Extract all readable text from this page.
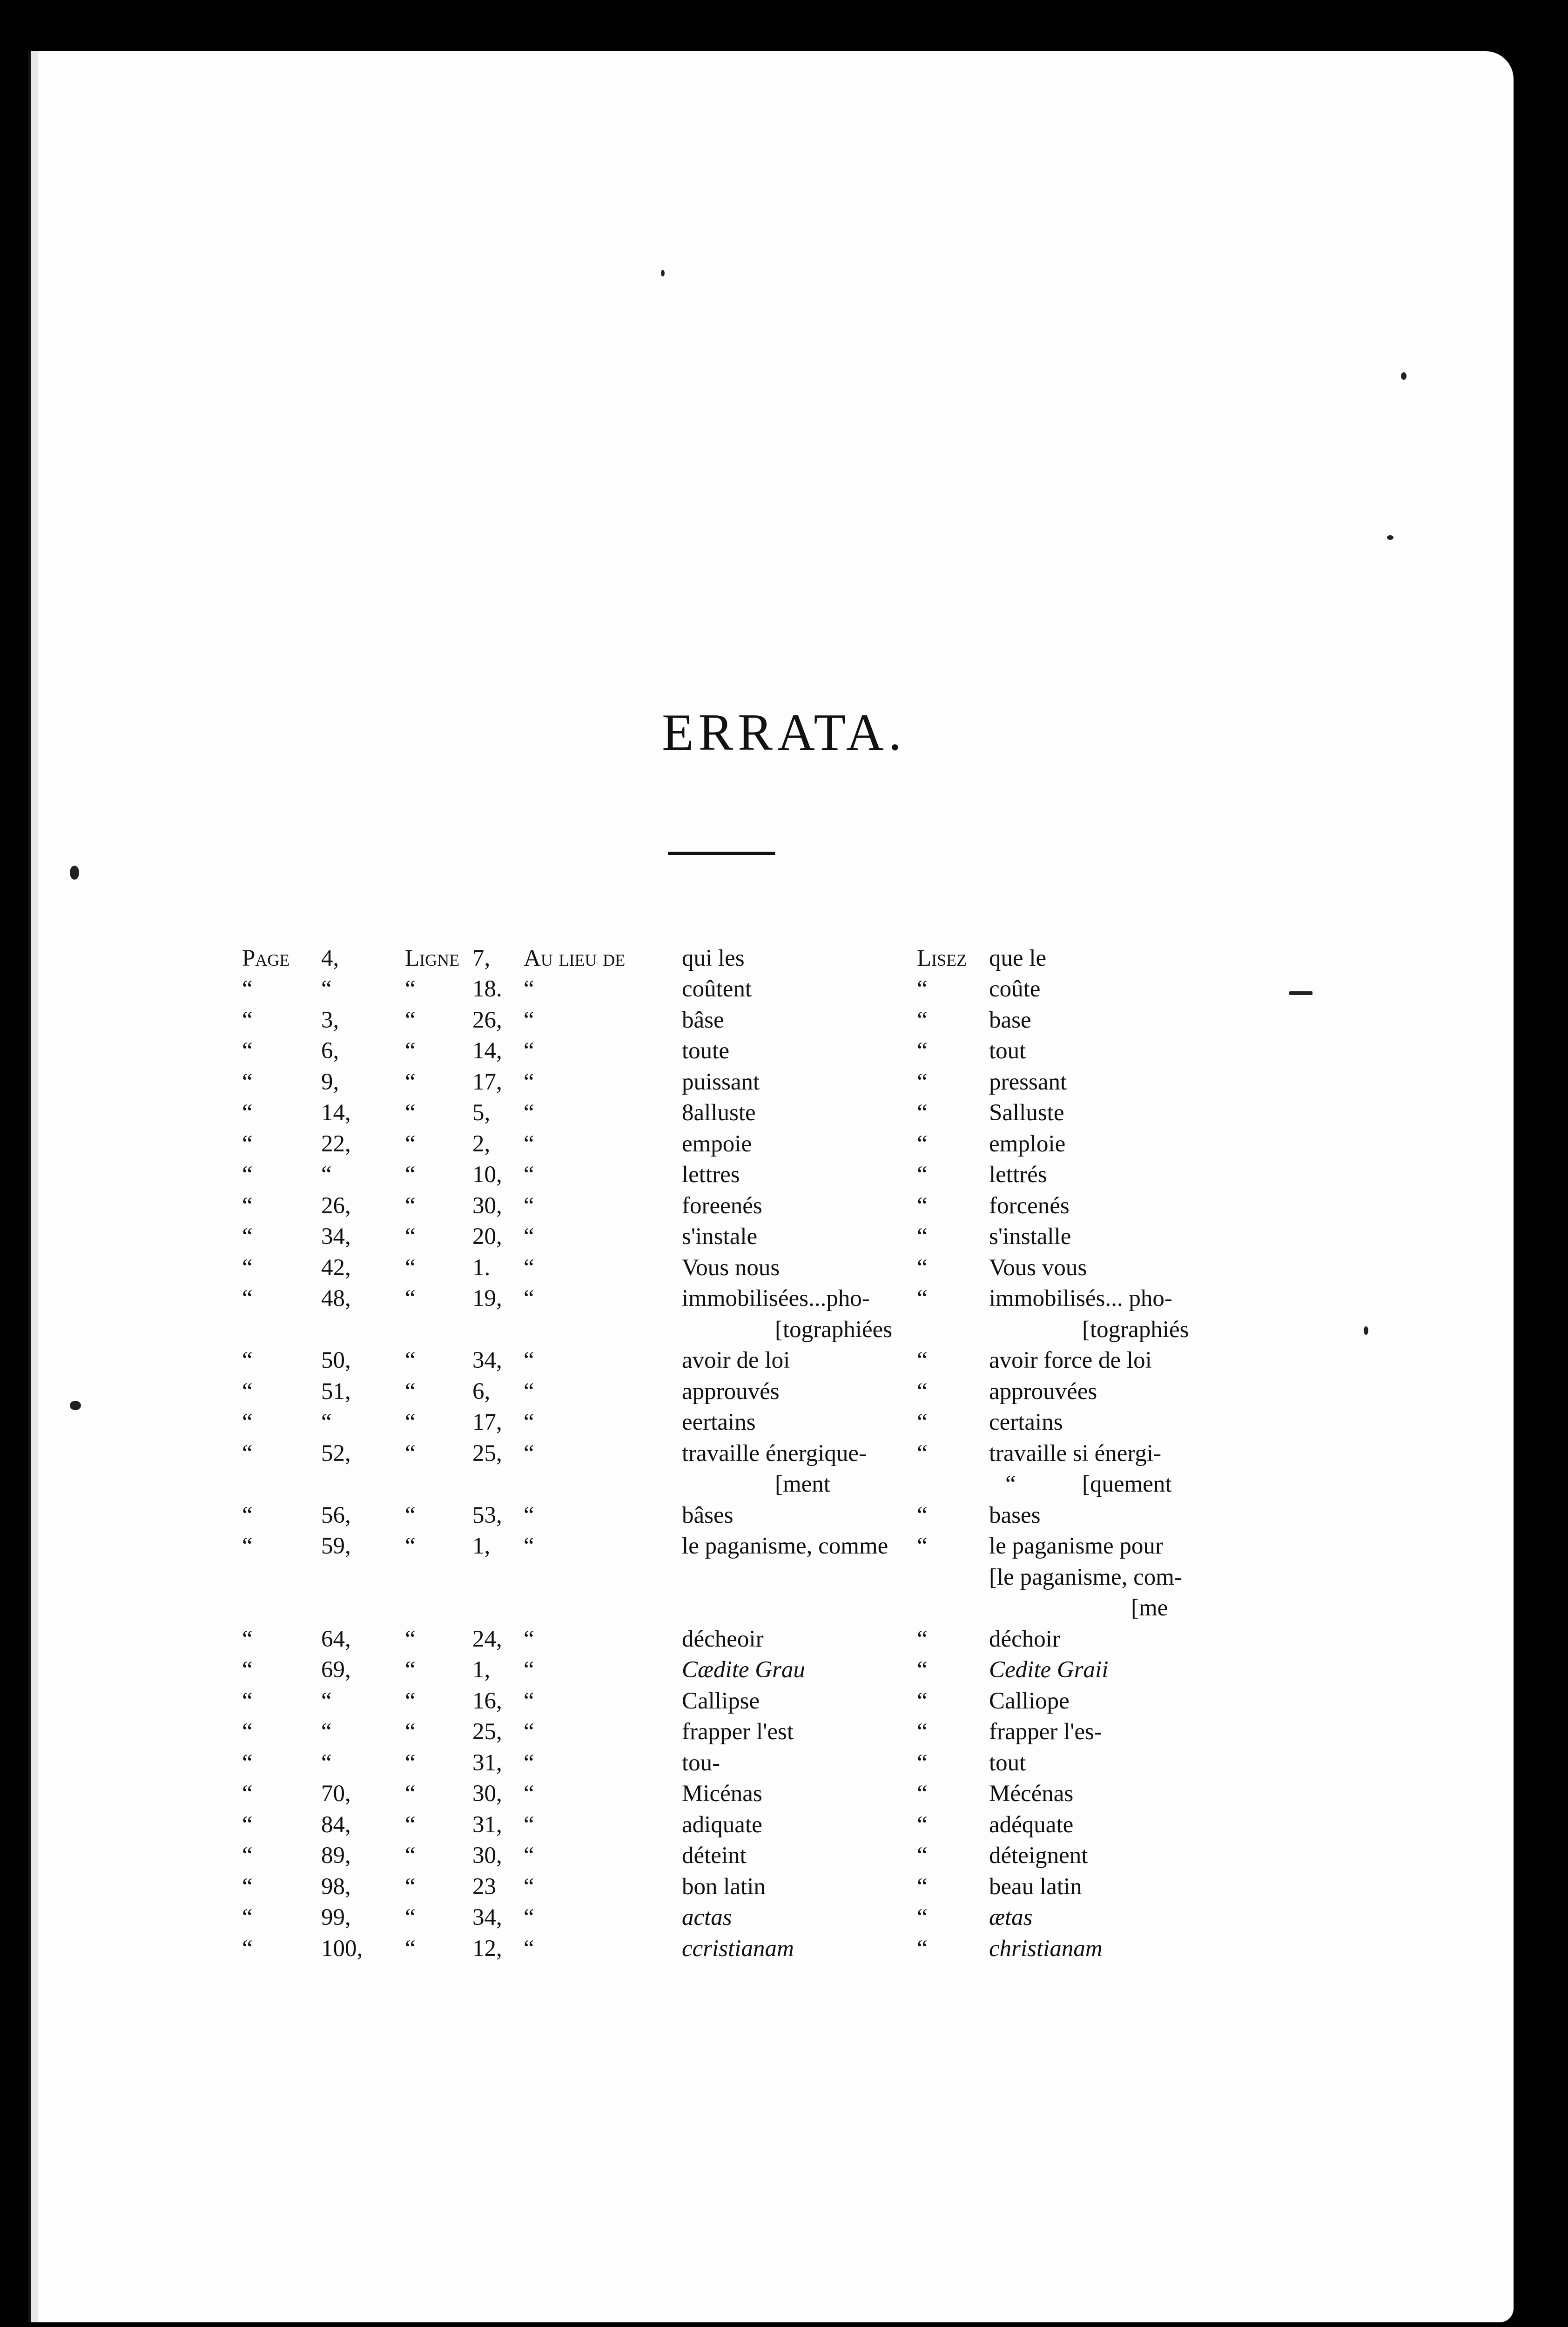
ERRATA.
Page	4,	Ligne 7,	Au lieu de	qui les	Lisez que le
“	“	“	18. “	coûtent	“	coûte
“	3,	“	26, “	bâse	“	base
“	6,	“	14, “	toute	“	tout
“	9,	“	17, “	puissant	“	pressant
“	14,	“	5,	“	8alluste	“	Salluste
“	22,	“	2,	“	empoie	“	emploie
“	“	“	10, “	lettres	“	lettrés
“	26,	“	30, “	foreenés	“	forcenés
“	34,	“	20, “	s'instale	“	s'installe
“	42,	“	1.	“	Vous nous	“	Vous vous
“	48,	“	19, “	immobilisées...pho-	“	immobilisés... pho-
[tographiées	[tographiés
“	50,	“	34, “	avoir de loi	“	avoir force de loi
“	51,	“	6,	“	approuvés	“	approuvées
“	“	“	17, “	eertains	“	certains
“	52,	“	25, “	travaille énergique-	“	travaille si énergi-
[ment	“	[quement
“	56,	“	53, “	bâses	“	bases
“	59,	“	1,	“	le paganisme, comme	“	le paganisme pour
[le paganisme, com-
[me
“	64,	“	24, “	décheoir	“	déchoir
“	69,	“	1,	“	Cædite Grau	“	Cedite Graii
“	“	“	16, “	Callipse	“	Calliope
“	“	“	25, “	frapper l'est	“	frapper l'es-
“	“	“	31, “	tou-	“	tout
“	70,	“	30, “	Micénas	“	Mécénas
“	84,	“	31, “	adiquate	“	adéquate
“	89,	“	30, “	déteint	“	déteignent
“	98,	“	23	“	bon latin	“	beau latin
“	99,	“	34, “	actas	“	ætas
“	100,	“	12, “	ccristianam	“	christianam
